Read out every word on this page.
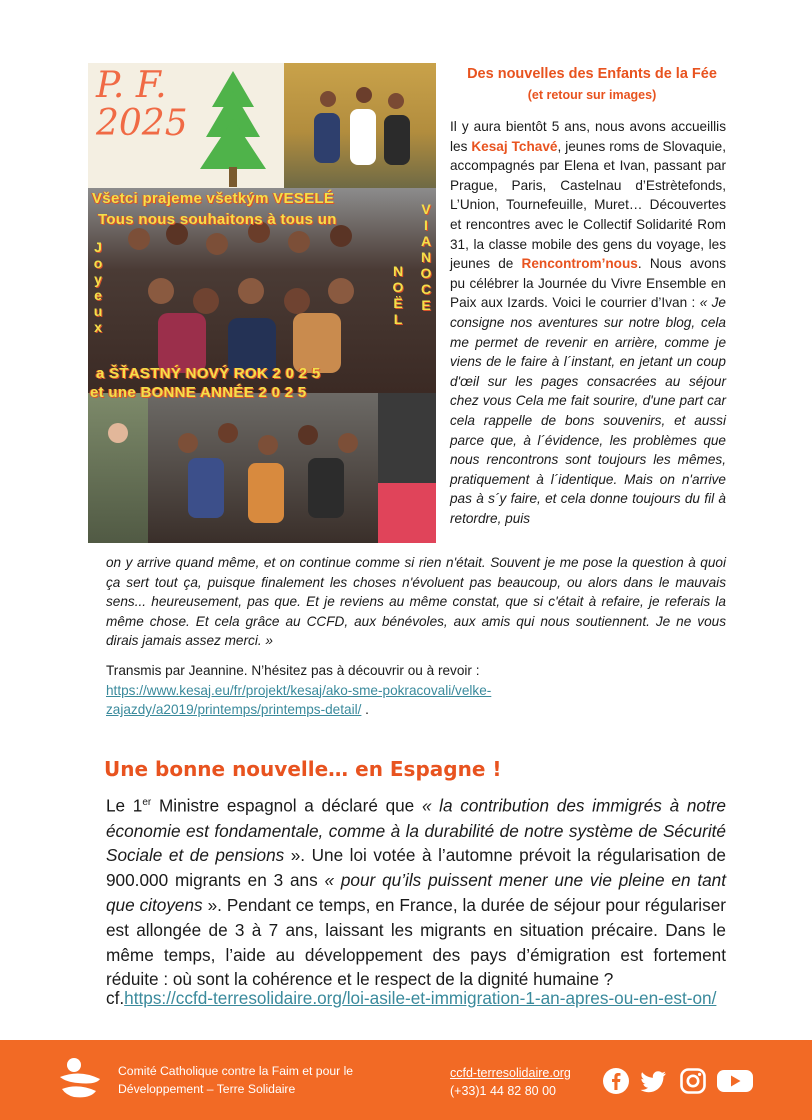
P. F.
2025
Všetci prajeme všetkým VESELÉ
Tous nous souhaitons à tous un
a ŠŤASTNÝ NOVÝ ROK 2 0 2 5
et une BONNE ANNÉE 2 0 2 5
J
o
y
e
u
x
N
O
Ë
L
V
I
A
N
O
C
E
Des nouvelles des Enfants de la Fée
(et retour sur images)
Il y aura bientôt 5 ans, nous avons accueillis les Kesaj Tchavé, jeunes roms de Slovaquie, accompagnés par Elena et Ivan, passant par Prague, Paris, Castelnau d’Estrètefonds, L’Union, Tournefeuille, Muret… Découvertes et rencontres avec le Collectif Solidarité Rom 31, la classe mobile des gens du voyage, les jeunes de Rencontrom’nous. Nous avons pu célébrer la Journée du Vivre Ensemble en Paix aux Izards. Voici le courrier d’Ivan : « Je consigne nos aventures sur notre blog, cela me permet de revenir en arrière, comme je viens de le faire à l´instant, en jetant un coup d'œil sur les pages consacrées au séjour chez vous Cela me fait sourire, d'une part car cela rappelle de bons souvenirs, et aussi parce que, à l´évidence, les problèmes que nous rencontrons sont toujours les mêmes, pratiquement à l´identique. Mais on n'arrive pas à s´y faire, et cela donne toujours du fil à retordre, puis
on y arrive quand même, et on continue comme si rien n'était. Souvent je me pose la question à quoi ça sert tout ça, puisque finalement les choses n'évoluent pas beaucoup, ou alors dans le mauvais sens... heureusement, pas que. Et je reviens au même constat, que si c'était à refaire, je referais la même chose. Et cela grâce au CCFD, aux bénévoles, aux amis qui nous soutiennent. Je ne vous dirais jamais assez merci. »
Transmis par Jeannine. N’hésitez pas à découvrir ou à revoir :
https://www.kesaj.eu/fr/projekt/kesaj/ako-sme-pokracovali/velke-
zajazdy/a2019/printemps/printemps-detail/ .
Une bonne nouvelle… en Espagne !
Le 1er Ministre espagnol a déclaré que « la contribution des immigrés à notre économie est fondamentale, comme à la durabilité de notre système de Sécurité Sociale et de pensions ». Une loi votée à l’automne prévoit la régularisation de 900.000 migrants en 3 ans « pour qu’ils puissent mener une vie pleine en tant que citoyens ». Pendant ce temps, en France, la durée de séjour pour régulariser est allongée de 3 à 7 ans, laissant les migrants en situation précaire. Dans le même temps, l’aide au développement des pays d’émigration est fortement réduite : où sont la cohérence et le respect de la dignité humaine ?
cf.https://ccfd-terresolidaire.org/loi-asile-et-immigration-1-an-apres-ou-en-est-on/
Comité Catholique contre la Faim et pour le
Développement – Terre Solidaire
ccfd-terresolidaire.org
(+33)1 44 82 80 00
